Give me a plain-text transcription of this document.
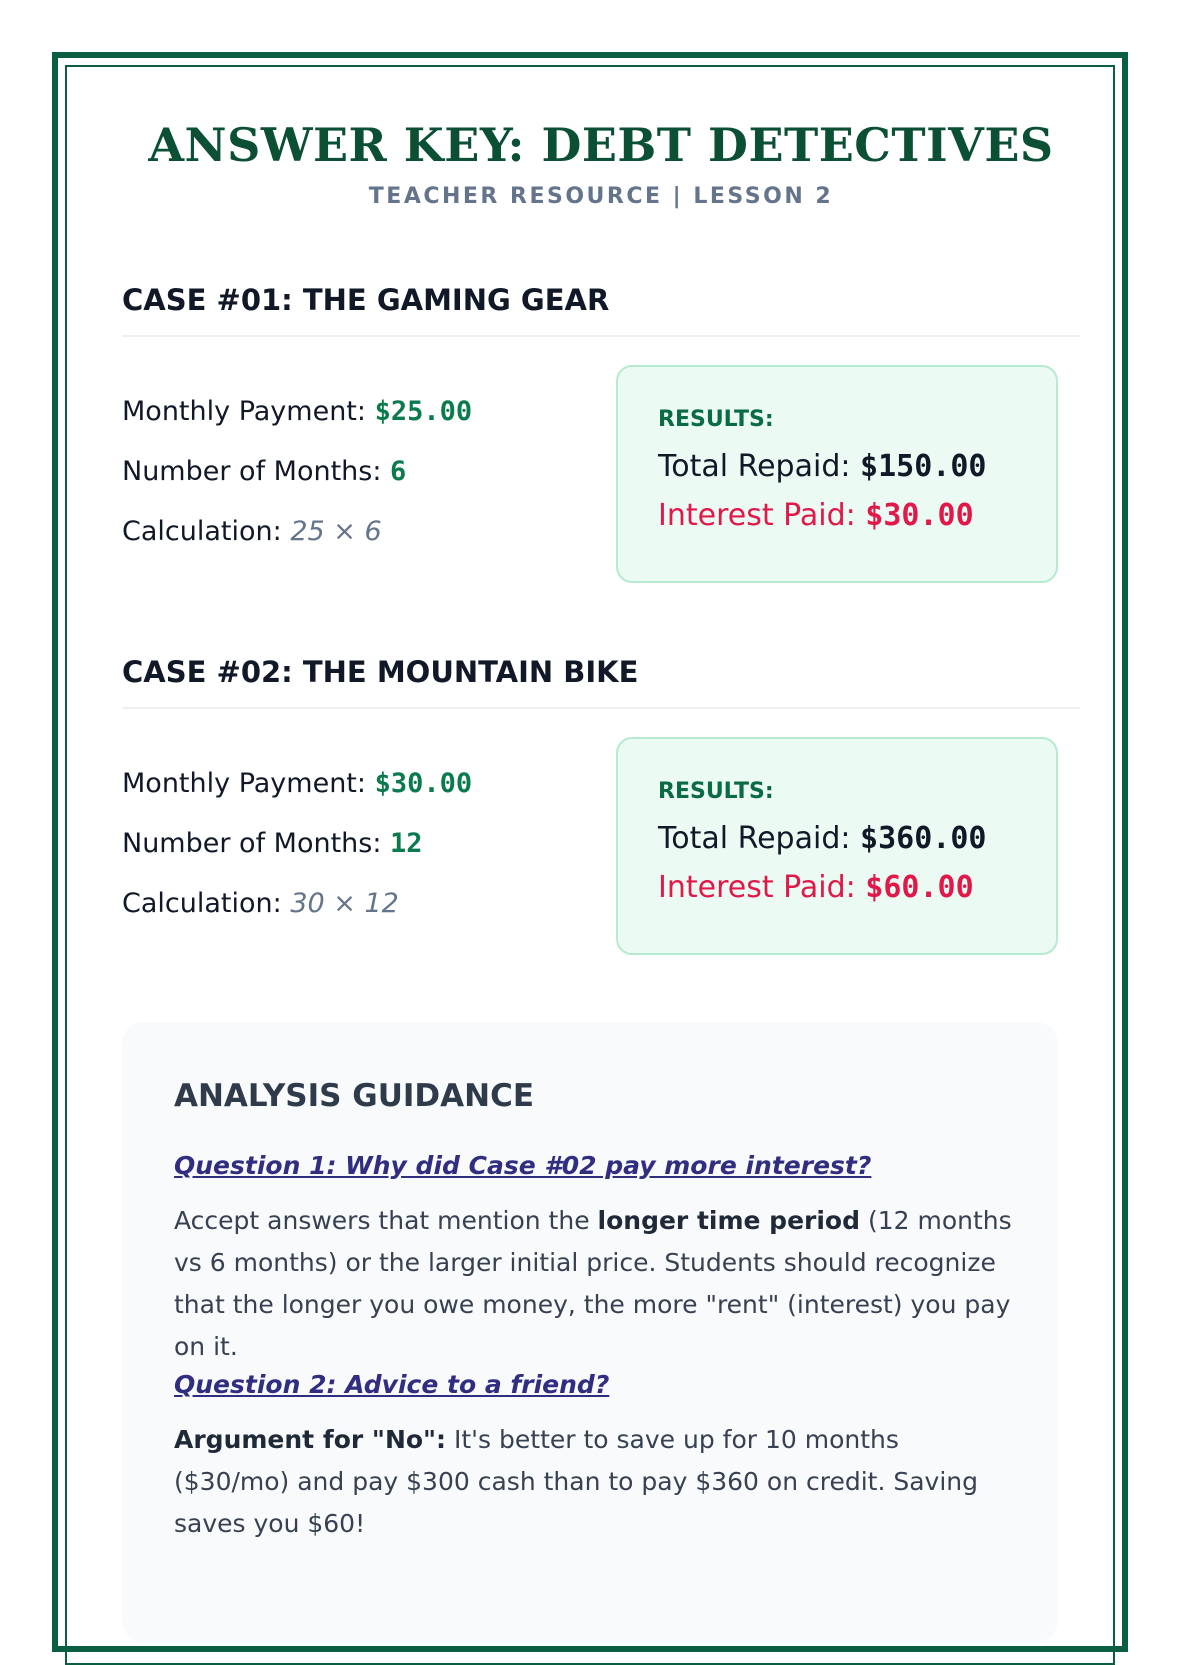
ANSWER KEY: DEBT DETECTIVES
TEACHER RESOURCE | LESSON 2
CASE #01: THE GAMING GEAR
Monthly Payment: $25.00
Number of Months: 6
Calculation: 25 × 6
RESULTS:
Total Repaid: $150.00
Interest Paid: $30.00
CASE #02: THE MOUNTAIN BIKE
Monthly Payment: $30.00
Number of Months: 12
Calculation: 30 × 12
RESULTS:
Total Repaid: $360.00
Interest Paid: $60.00
ANALYSIS GUIDANCE
Question 1: Why did Case #02 pay more interest?
Accept answers that mention the longer time period (12 months vs 6 months) or the larger initial price. Students should recognize that the longer you owe money, the more "rent" (interest) you pay on it.
Question 2: Advice to a friend?
Argument for "No": It's better to save up for 10 months ($30/mo) and pay $300 cash than to pay $360 on credit. Saving saves you $60!
